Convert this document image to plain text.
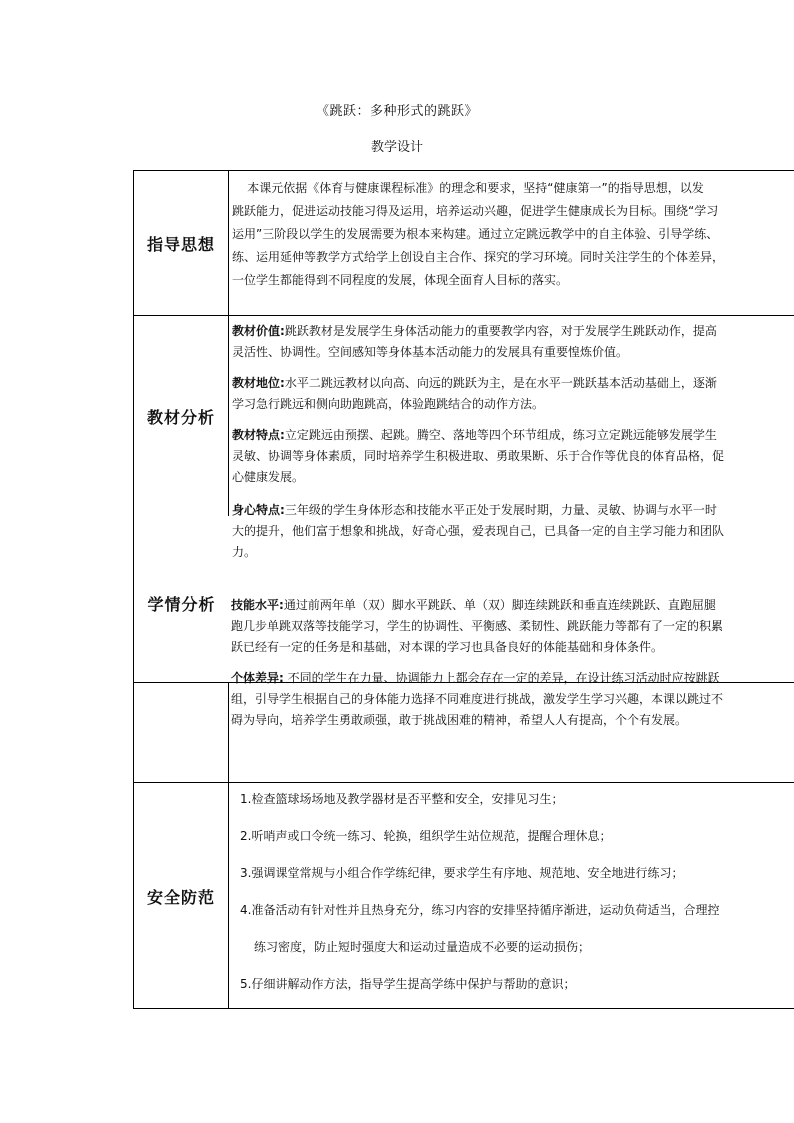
《跳跃：多种形式的跳跃》
教学设计
指导思想
本课元依据《体育与健康课程标准》的理念和要求，坚持“健康第一”的指导思想，以发
跳跃能力，促进运动技能习得及运用，培养运动兴趣，促进学生健康成长为目标。围绕“学习
运用”三阶段以学生的发展需要为根本来构建。通过立定跳远教学中的自主体验、引导学练、
练、运用延伸等教学方式给学上创设自主合作、探究的学习环境。同时关注学生的个体差异，
一位学生都能得到不同程度的发展，体现全面育人目标的落实。
教材分析
教材价值:跳跃教材是发展学生身体活动能力的重要教学内容，对于发展学生跳跃动作，提高
灵活性、协调性。空间感知等身体基本活动能力的发展具有重要惶炼价值。
教材地位:水平二跳远教材以向高、向远的跳跃为主，是在水平一跳跃基本活动基础上，逐渐
学习急行跳远和侧向助跑跳高，体验跑跳结合的动作方法。
教材特点:立定跳远由预摆、起跳。腾空、落地等四个环节组成，练习立定跳远能够发展学生
灵敏、协调等身体素质，同时培养学生积极进取、勇敢果断、乐于合作等优良的体育品格，促
心健康发展。
身心特点:三年级的学生身体形态和技能水平正处于发展时期，力量、灵敏、协调与水平一时
大的提升，他们富于想象和挑战，好奇心强，爱表现自己，已具备一定的自主学习能力和团队
力。
学情分析
安全防范
1.检查篮球场场地及教学器材是否平整和安全，安排见习生；
2.听哨声或口令统一练习、轮换，组织学生站位规范，提醒合理休息；
3.强调课堂常规与小组合作学练纪律，要求学生有序地、规范地、安全地进行练习；
4.准备活动有针对性并且热身充分，练习内容的安排坚持循序渐进，运动负荷适当，合理控
练习密度，防止短时强度大和运动过量造成不必要的运动损伤；
5.仔细讲解动作方法，指导学生提高学练中保护与帮助的意识；
技能水平:通过前两年单（双）脚水平跳跃、单（双）脚连续跳跃和垂直连续跳跃、直跑屈腿
跑几步单跳双落等技能学习，学生的协调性、平衡感、柔韧性、跳跃能力等都有了一定的积累
跃已经有一定的任务是和基础，对本课的学习也具备良好的体能基础和身体条件。
个体差异: 不同的学生在力量、协调能力上都会存在一定的差异，在设计练习活动时应按跳跃
组，引导学生根据自己的身体能力选择不同难度进行挑战，激发学生学习兴趣，本课以跳过不
碍为导向，培养学生勇敢顽强，敢于挑战困难的精神，希望人人有提高，个个有发展。
